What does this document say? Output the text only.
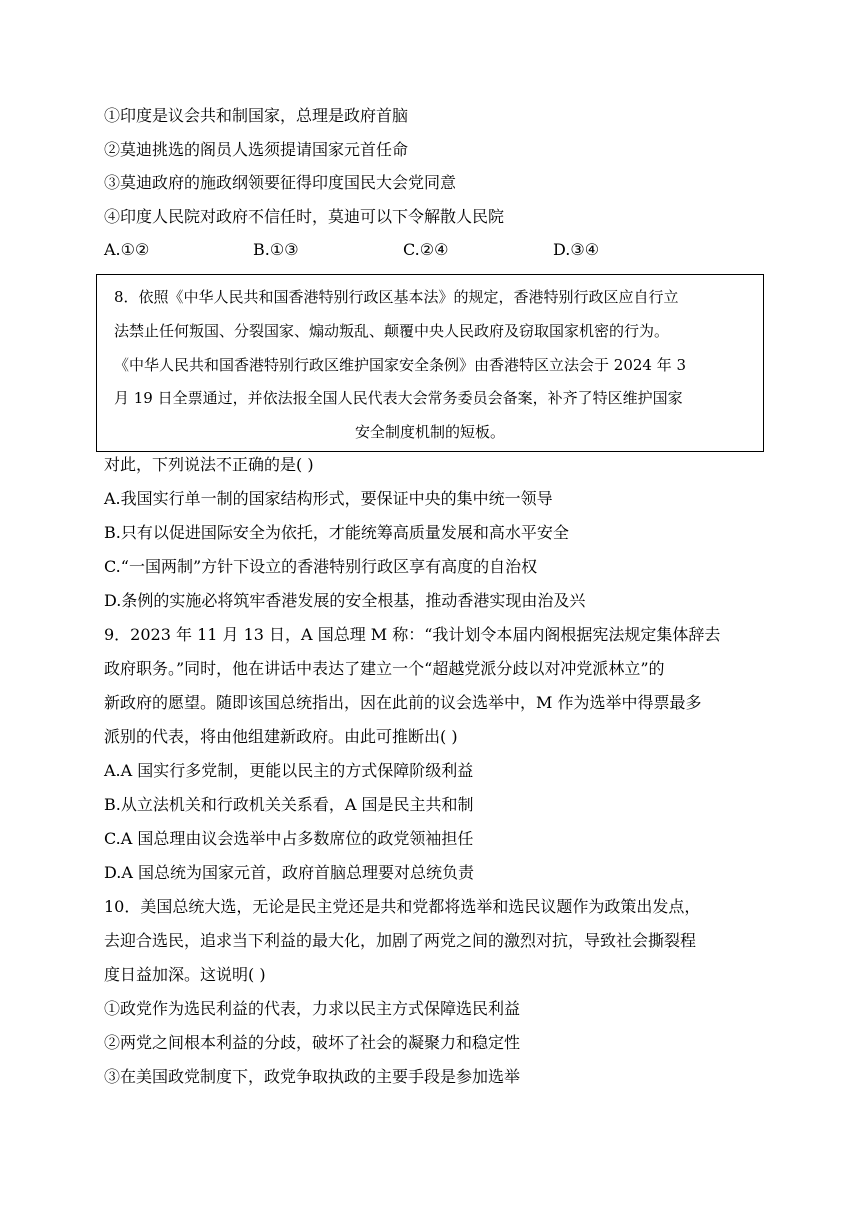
①印度是议会共和制国家，总理是政府首脑
②莫迪挑选的阁员人选须提请国家元首任命
③莫迪政府的施政纲领要征得印度国民大会党同意
④印度人民院对政府不信任时，莫迪可以下令解散人民院
A.①②	B.①③	C.②④	D.③④
8．依照《中华人民共和国香港特别行政区基本法》的规定，香港特别行政区应自行立
法禁止任何叛国、分裂国家、煽动叛乱、颠覆中央人民政府及窃取国家机密的行为。
《中华人民共和国香港特别行政区维护国家安全条例》由香港特区立法会于 2024 年 3
月 19 日全票通过，并依法报全国人民代表大会常务委员会备案，补齐了特区维护国家
安全制度机制的短板。
对此，下列说法不正确的是( )
A.我国实行单一制的国家结构形式，要保证中央的集中统一领导
B.只有以促进国际安全为依托，才能统筹高质量发展和高水平安全
C.“一国两制”方针下设立的香港特别行政区享有高度的自治权
D.条例的实施必将筑牢香港发展的安全根基，推动香港实现由治及兴
9．2023 年 11 月 13 日，A 国总理 M 称：“我计划令本届内阁根据宪法规定集体辞去
政府职务。”同时，他在讲话中表达了建立一个“超越党派分歧以对冲党派林立”的
新政府的愿望。随即该国总统指出，因在此前的议会选举中，M 作为选举中得票最多
派别的代表，将由他组建新政府。由此可推断出( )
A.A 国实行多党制，更能以民主的方式保障阶级利益
B.从立法机关和行政机关关系看，A 国是民主共和制
C.A 国总理由议会选举中占多数席位的政党领袖担任
D.A 国总统为国家元首，政府首脑总理要对总统负责
10．美国总统大选，无论是民主党还是共和党都将选举和选民议题作为政策出发点，
去迎合选民，追求当下利益的最大化，加剧了两党之间的激烈对抗，导致社会撕裂程
度日益加深。这说明( )
①政党作为选民利益的代表，力求以民主方式保障选民利益
②两党之间根本利益的分歧，破坏了社会的凝聚力和稳定性
③在美国政党制度下，政党争取执政的主要手段是参加选举
